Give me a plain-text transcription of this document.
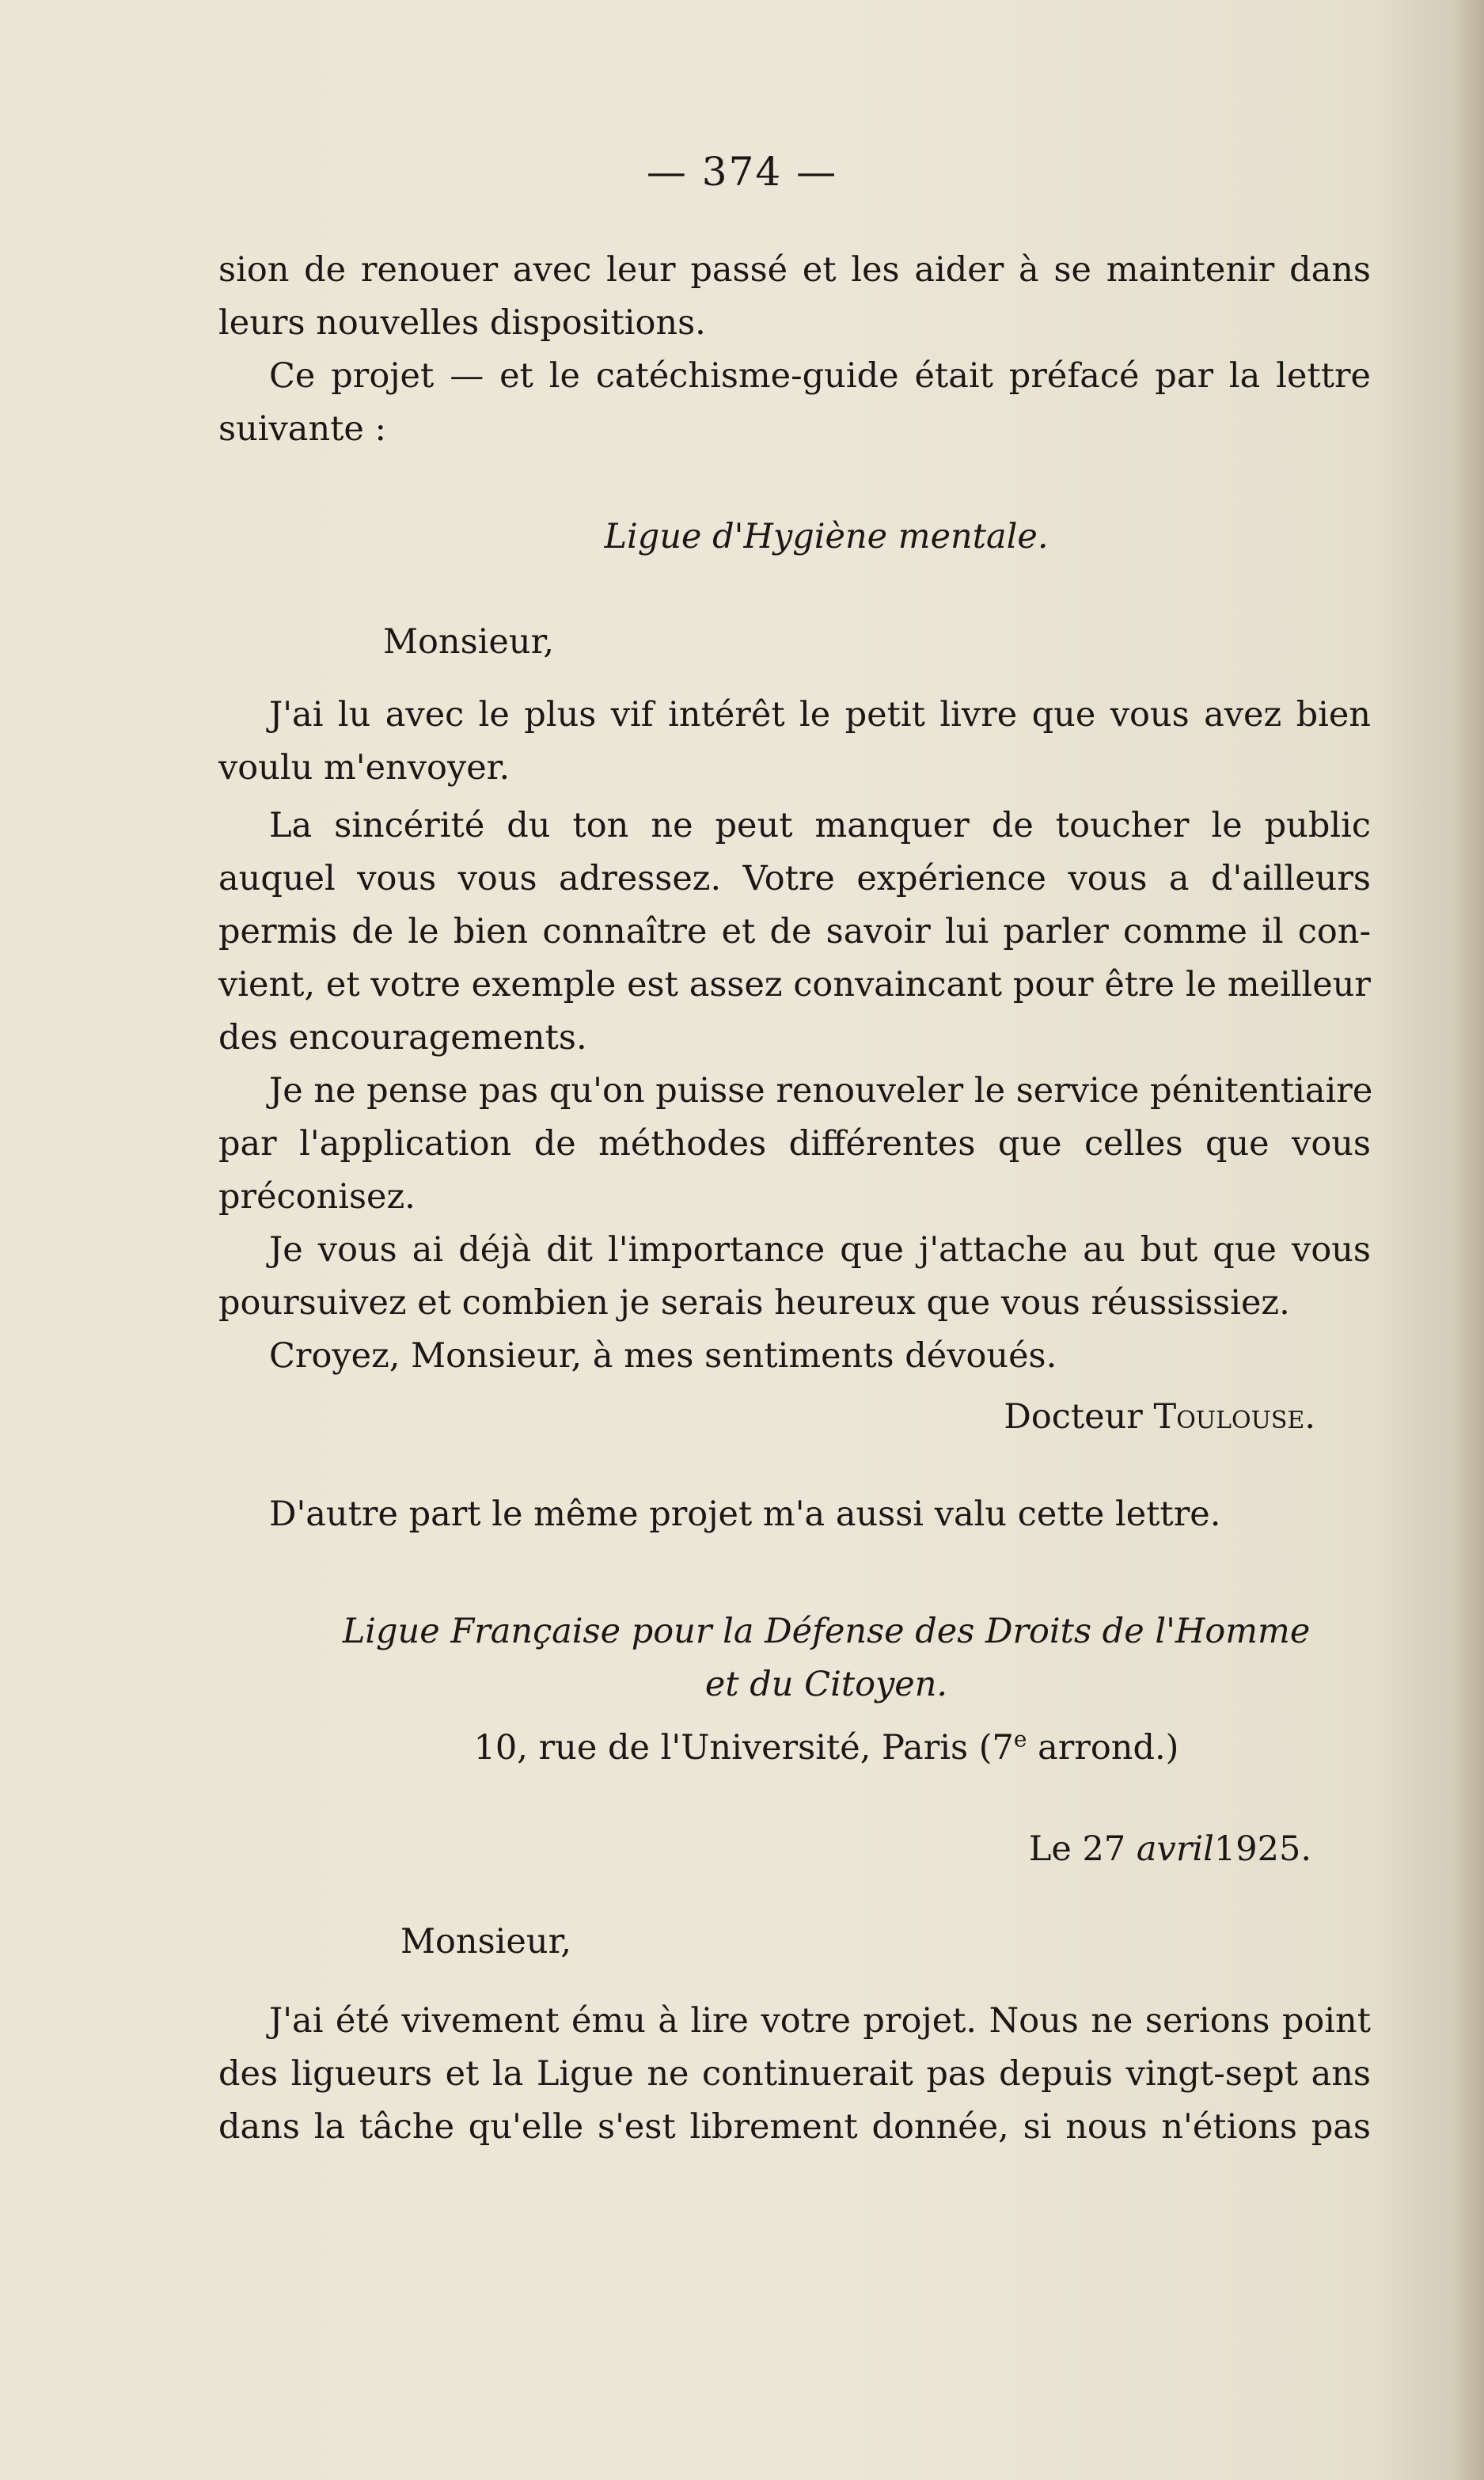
— 374 —
sion de renouer avec leur passé et les aider à se maintenir dans
leurs nouvelles dispositions.
Ce projet — et le catéchisme-guide était préfacé par la lettre
suivante :
Ligue d'Hygiène mentale.
Monsieur,
J'ai lu avec le plus vif intérêt le petit livre que vous avez bien
voulu m'envoyer.
La sincérité du ton ne peut manquer de toucher le public
auquel vous vous adressez. Votre expérience vous a d'ailleurs
permis de le bien connaître et de savoir lui parler comme il con-
vient, et votre exemple est assez convaincant pour être le meilleur
des encouragements.
Je ne pense pas qu'on puisse renouveler le service pénitentiaire
par l'application de méthodes différentes que celles que vous
préconisez.
Je vous ai déjà dit l'importance que j'attache au but que vous
poursuivez et combien je serais heureux que vous réussissiez.
Croyez, Monsieur, à mes sentiments dévoués.
Docteur Toulouse.
D'autre part le même projet m'a aussi valu cette lettre.
Ligue Française pour la Défense des Droits de l'Homme
et du Citoyen.
10, rue de l'Université, Paris (7e arrond.)
Le 27 avril1925.
Monsieur,
J'ai été vivement ému à lire votre projet. Nous ne serions point
des ligueurs et la Ligue ne continuerait pas depuis vingt-sept ans
dans la tâche qu'elle s'est librement donnée, si nous n'étions pas
